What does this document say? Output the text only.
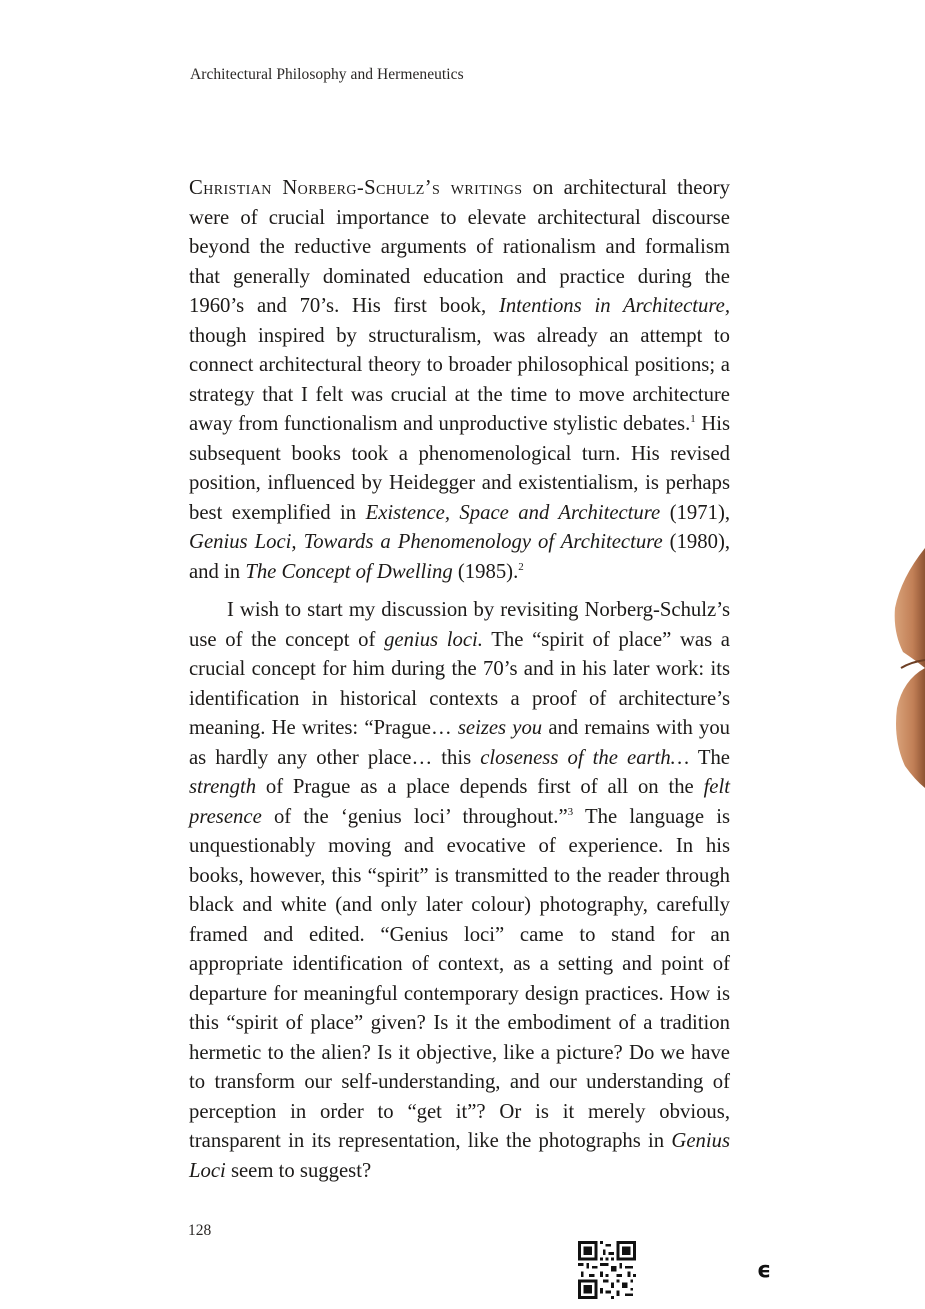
Architectural Philosophy and Hermeneutics

Christian Norberg-Schulz’s writings on architectural theory were of crucial importance to elevate architectural discourse beyond the reductive arguments of rationalism and formalism that generally dominated education and practice during the 1960’s and 70’s. His first book, Intentions in Architecture, though inspired by structuralism, was already an attempt to connect architectural theory to broader philosophical positions; a strategy that I felt was crucial at the time to move architecture away from functionalism and unproductive stylistic debates.$^1$ His subsequent books took a phenomenological turn. His revised position, influenced by Heidegger and existentialism, is perhaps best exemplified in Existence, Space and Architecture (1971), Genius Loci, Towards a Phenomenology of Architecture (1980), and in The Concept of Dwelling (1985).$^2$

I wish to start my discussion by revisiting Norberg-Schulz’s use of the concept of genius loci. The “spirit of place” was a crucial concept for him during the 70’s and in his later work: its identification in historical contexts a proof of architecture’s meaning. He writes: “Prague… seizes you and remains with you as hardly any other place… this closeness of the earth… The strength of Prague as a place depends first of all on the felt presence of the ‘genius loci’ throughout.”$^3$ The language is unquestionably moving and evocative of experience. In his books, however, this “spirit” is transmitted to the reader through black and white (and only later colour) photography, carefully framed and edited. “Genius loci” came to stand for an appropriate identification of context, as a setting and point of departure for meaningful contemporary design practices. How is this “spirit of place” given? Is it the embodiment of a tradition hermetic to the alien? Is it objective, like a picture? Do we have to transform our self-understanding, and our understanding of perception in order to “get it”? Or is it merely obvious, transparent in its representation, like the photographs in Genius Loci seem to suggest?

128
ϵ
